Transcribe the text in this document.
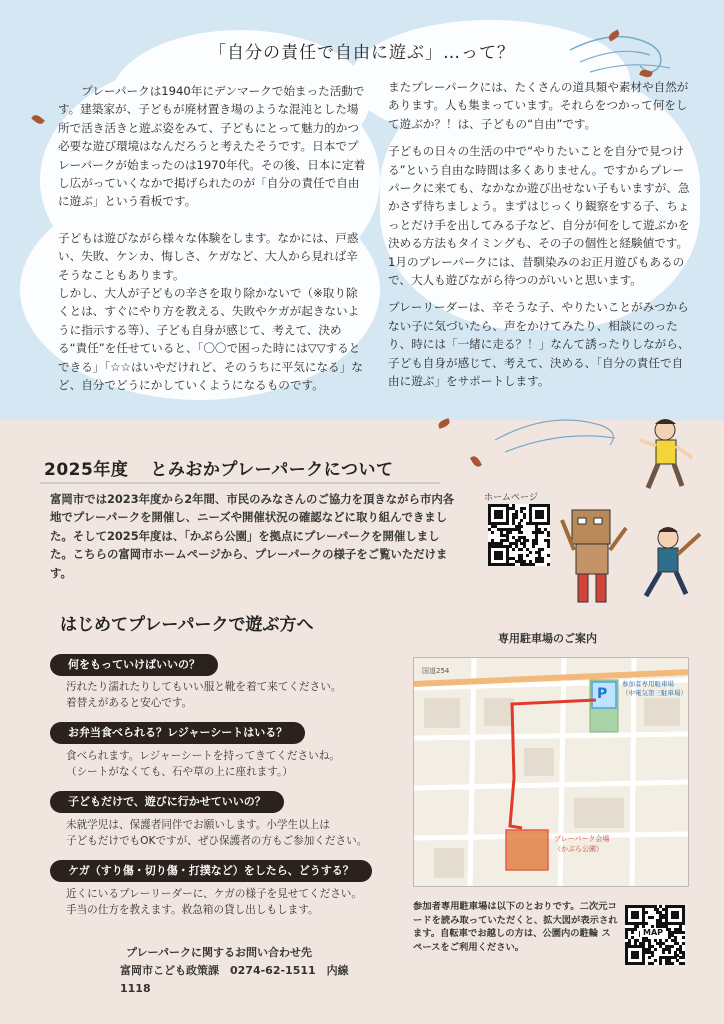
「自分の責任で自由に遊ぶ」…って？

プレーパークは1940年にデンマークで始まった活動です。建築家が、子どもが廃材置き場のような混沌とした場所で活き活きと遊ぶ姿をみて、子どもにとって魅力的かつ必要な遊び環境はなんだろうと考えたそうです。日本でプレーパークが始まったのは1970年代。その後、日本に定着し広がっていくなかで掲げられたのが「自分の責任で自由に遊ぶ」という看板です。

子どもは遊びながら様々な体験をします。なかには、戸惑い、失敗、ケンカ、悔しさ、ケガなど、大人から見れば辛そうなこともあります。

しかし、大人が子どもの辛さを取り除かないで（※取り除くとは、すぐにやり方を教える、失敗やケガが起きないように指示する等）、子ども自身が感じて、考えて、決める“責任”を任せていると、「〇〇で困った時には▽▽するとできる」「☆☆はいやだけれど、そのうちに平気になる」など、自分でどうにかしていくようになるものです。

またプレーパークには、たくさんの道具類や素材や自然があります。人も集まっています。それらをつかって何をして遊ぶか？！は、子どもの“自由”です。

子どもの日々の生活の中で“やりたいことを自分で見つける”という自由な時間は多くありません。ですからプレーパークに来ても、なかなか遊び出せない子もいますが、急かさず待ちましょう。まずはじっくり観察をする子、ちょっとだけ手を出してみる子など、自分が何をして遊ぶかを決める方法もタイミングも、その子の個性と経験値です。1月のプレーパークには、昔馴染みのお正月遊びもあるので、大人も遊びながら待つのがいいと思います。

プレーリーダーは、辛そうな子、やりたいことがみつからない子に気づいたら、声をかけてみたり、相談にのったり、時には「一緒に走る？！」なんて誘ったりしながら、子ども自身が感じて、考えて、決める、「自分の責任で自由に遊ぶ」をサポートします。

2025年度 とみおかプレーパークについて
富岡市では2023年度から2年間、市民のみなさんのご協力を頂きながら市内各地でプレーパークを開催し、ニーズや開催状況の確認などに取り組んできました。そして2025年度は、「かぶら公園」を拠点にプレーパークを開催しました。こちらの富岡市ホームページから、プレーパークの様子をご覧いただけます。
ホームページ
はじめてプレーパークで遊ぶ方へ
何をもっていけばいいの？
汚れたり濡れたりしてもいい服と靴を着て来てください。
着替えがあると安心です。
お弁当食べられる？レジャーシートはいる？
食べられます。レジャーシートを持ってきてくださいね。
（シートがなくても、石や草の上に座れます。）
子どもだけで、遊びに行かせていいの？
未就学児は、保護者同伴でお願いします。小学生以上は
子どもだけでもOKですが、ぜひ保護者の方もご参加ください。
ケガ（すり傷・切り傷・打撲など）をしたら、どうする？
近くにいるプレーリーダーに、ケガの様子を見せてください。
手当の仕方を教えます。救急箱の貸し出しもします。
専用駐車場のご案内
国道254
P
参加者専用駐車場
（中電気第三駐車場）
プレーパーク会場
（かぶら公園）
参加者専用駐車場は以下のとおりです。二次元コードを読み取っていただくと、拡大図が表示されます。自転車でお越しの方は、公園内の駐輪 スペースをご利用ください。
MAP
プレーパークに関するお問い合わせ先
富岡市こども政策課　0274-62-1511　内線1118
